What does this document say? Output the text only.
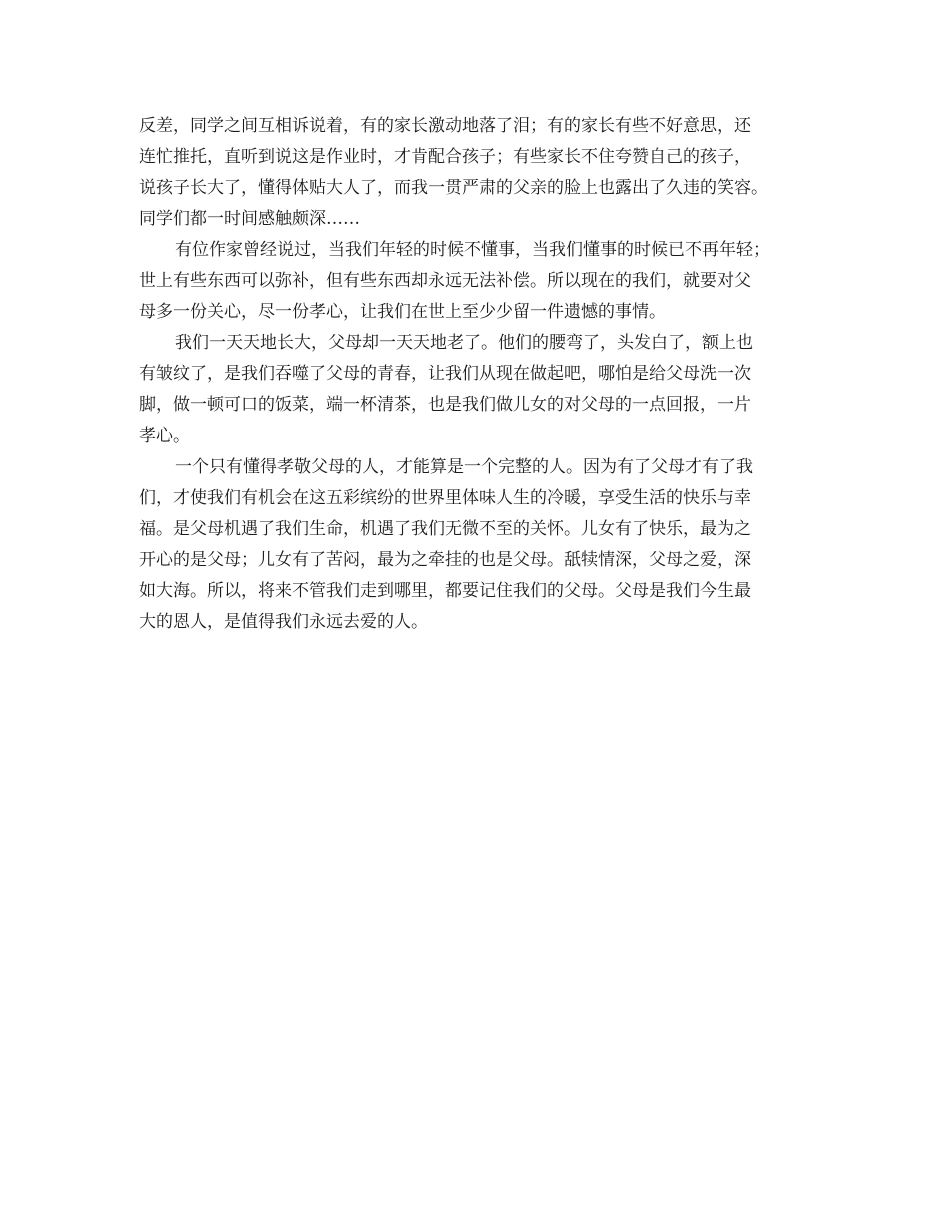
反差，同学之间互相诉说着，有的家长激动地落了泪；有的家长有些不好意思，还
连忙推托，直听到说这是作业时，才肯配合孩子；有些家长不住夸赞自己的孩子，
说孩子长大了，懂得体贴大人了，而我一贯严肃的父亲的脸上也露出了久违的笑容。
同学们都一时间感触颇深……
有位作家曾经说过，当我们年轻的时候不懂事，当我们懂事的时候已不再年轻；
世上有些东西可以弥补，但有些东西却永远无法补偿。所以现在的我们，就要对父
母多一份关心，尽一份孝心，让我们在世上至少少留一件遗憾的事情。
我们一天天地长大，父母却一天天地老了。他们的腰弯了，头发白了，额上也
有皱纹了，是我们吞噬了父母的青春，让我们从现在做起吧，哪怕是给父母洗一次
脚，做一顿可口的饭菜，端一杯清茶，也是我们做儿女的对父母的一点回报，一片
孝心。
一个只有懂得孝敬父母的人，才能算是一个完整的人。因为有了父母才有了我
们，才使我们有机会在这五彩缤纷的世界里体味人生的冷暖，享受生活的快乐与幸
福。是父母机遇了我们生命，机遇了我们无微不至的关怀。儿女有了快乐，最为之
开心的是父母；儿女有了苦闷，最为之牵挂的也是父母。舐犊情深，父母之爱，深
如大海。所以，将来不管我们走到哪里，都要记住我们的父母。父母是我们今生最
大的恩人，是值得我们永远去爱的人。
